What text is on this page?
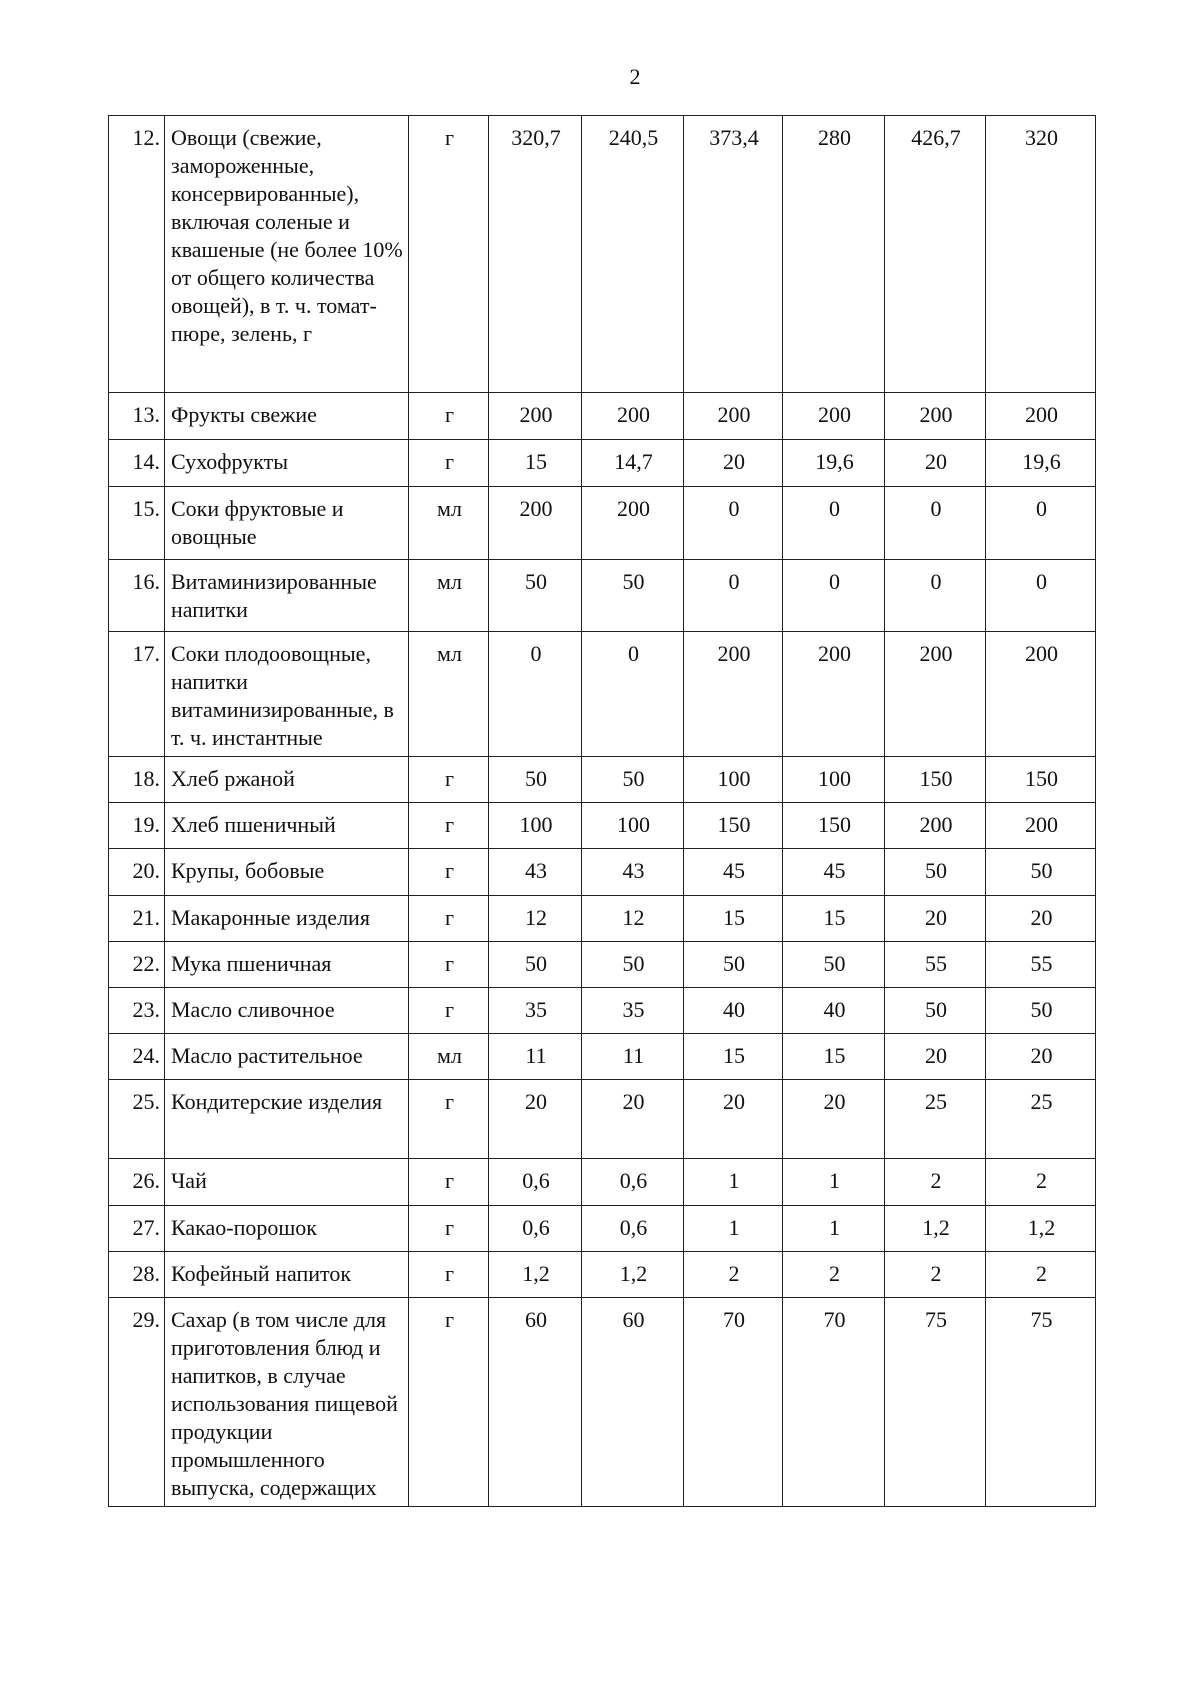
2
12.	Овощи (свежие, замороженные, консервированные), включая соленые и квашеные (не более 10% от общего количества овощей), в т. ч. томат-пюре, зелень, г	г	320,7	240,5	373,4	280	426,7	320
13.	Фрукты свежие	г	200	200	200	200	200	200
14.	Сухофрукты	г	15	14,7	20	19,6	20	19,6
15.	Соки фруктовые и овощные	мл	200	200	0	0	0	0
16.	Витаминизированные напитки	мл	50	50	0	0	0	0
17.	Соки плодоовощные, напитки витаминизированные, в т. ч. инстантные	мл	0	0	200	200	200	200
18.	Хлеб ржаной	г	50	50	100	100	150	150
19.	Хлеб пшеничный	г	100	100	150	150	200	200
20.	Крупы, бобовые	г	43	43	45	45	50	50
21.	Макаронные изделия	г	12	12	15	15	20	20
22.	Мука пшеничная	г	50	50	50	50	55	55
23.	Масло сливочное	г	35	35	40	40	50	50
24.	Масло растительное	мл	11	11	15	15	20	20
25.	Кондитерские изделия	г	20	20	20	20	25	25
26.	Чай	г	0,6	0,6	1	1	2	2
27.	Какао-порошок	г	0,6	0,6	1	1	1,2	1,2
28.	Кофейный напиток	г	1,2	1,2	2	2	2	2
29.	Сахар (в том числе для приготовления блюд и напитков, в случае использования пищевой продукции промышленного выпуска, содержащих	г	60	60	70	70	75	75
